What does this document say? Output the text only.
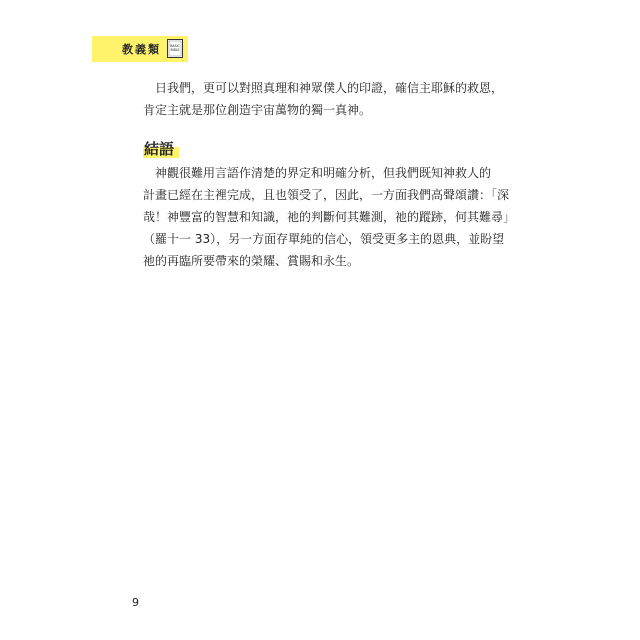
教義類	BASIC
BIBLE

日我們，更可以對照真理和神眾僕人的印證，確信主耶穌的救恩，
肯定主就是那位創造宇宙萬物的獨一真神。

結語

神觀很難用言語作清楚的界定和明確分析，但我們既知神救人的
計畫已經在主裡完成，且也領受了，因此，一方面我們高聲頌讚：「深
哉！神豐富的智慧和知識，祂的判斷何其難測，祂的蹤跡，何其難尋」
（羅十一 33），另一方面存單純的信心，領受更多主的恩典，並盼望
祂的再臨所要帶來的榮耀、賞賜和永生。

9
